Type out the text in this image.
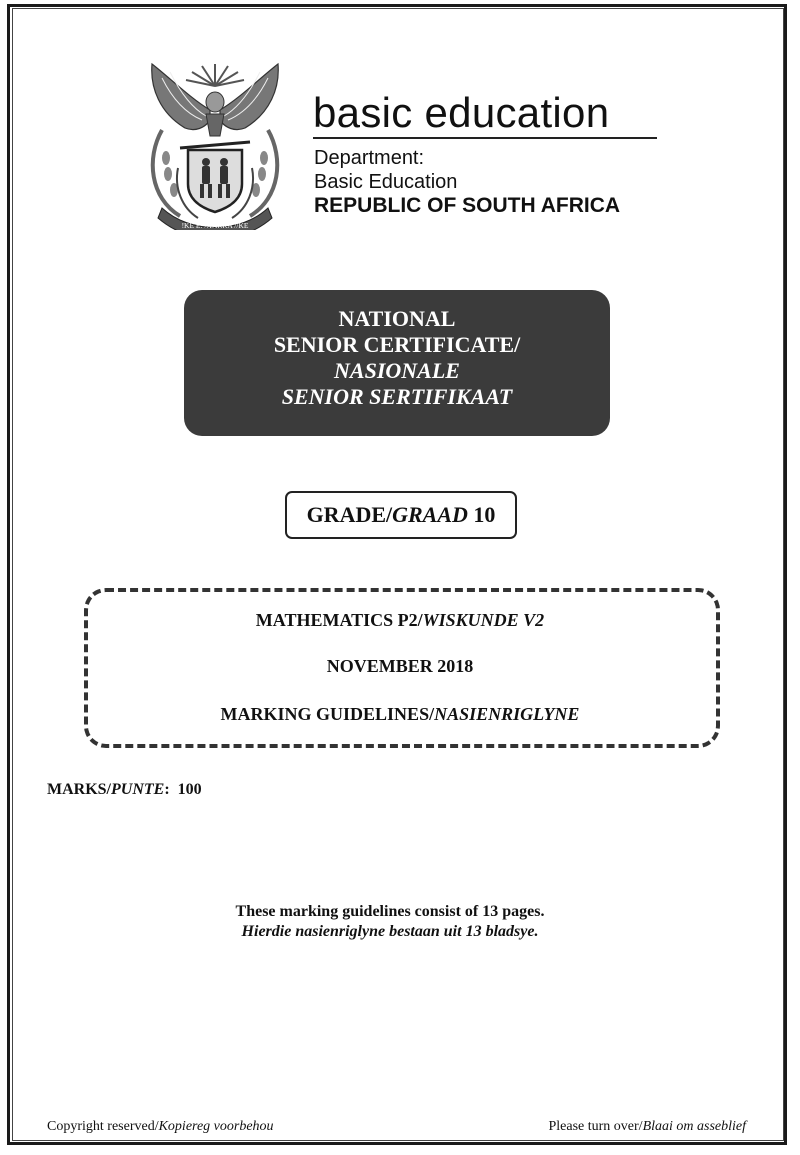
!KE E: /XARRA //KE
basic education
Department:
Basic Education
REPUBLIC OF SOUTH AFRICA
NATIONAL
SENIOR CERTIFICATE/
NASIONALE
SENIOR SERTIFIKAAT
GRADE/GRAAD 10
MATHEMATICS P2/WISKUNDE V2
NOVEMBER 2018
MARKING GUIDELINES/NASIENRIGLYNE
MARKS/PUNTE:  100
These marking guidelines consist of 13 pages.
Hierdie nasienriglyne bestaan uit 13 bladsye.
Copyright reserved/Kopiereg voorbehou	Please turn over/Blaai om asseblief
